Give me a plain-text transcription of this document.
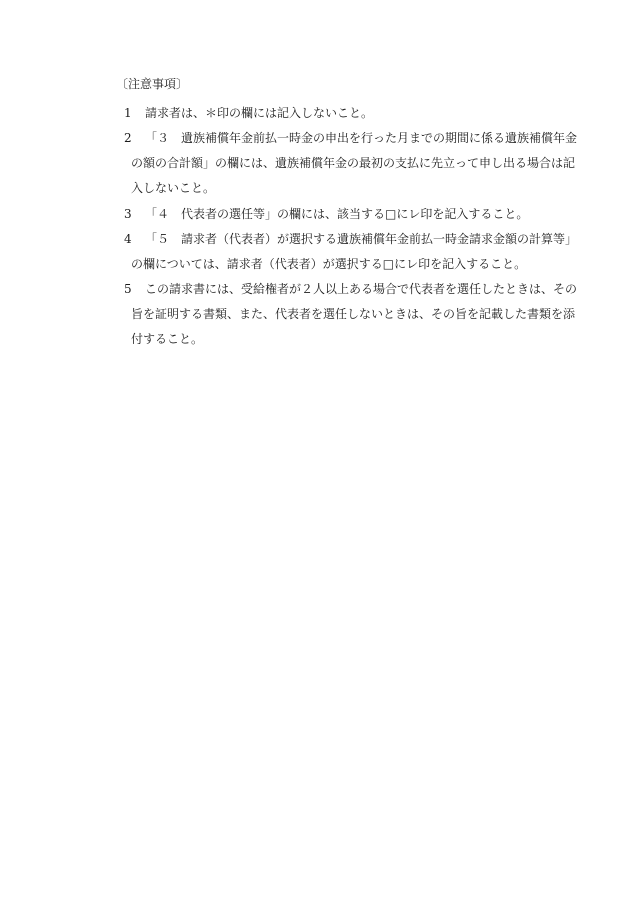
〔注意事項〕
1	請求者は、＊印の欄には記入しないこと。
2	「３　遺族補償年金前払一時金の申出を行った月までの期間に係る遺族補償年金
の額の合計額」の欄には、遺族補償年金の最初の支払に先立って申し出る場合は記
入しないこと。
3	「４　代表者の選任等」の欄には、該当する□にレ印を記入すること。
4	「５　請求者（代表者）が選択する遺族補償年金前払一時金請求金額の計算等」
の欄については、請求者（代表者）が選択する□にレ印を記入すること。
5	この請求書には、受給権者が２人以上ある場合で代表者を選任したときは、その
旨を証明する書類、また、代表者を選任しないときは、その旨を記載した書類を添
付すること。
